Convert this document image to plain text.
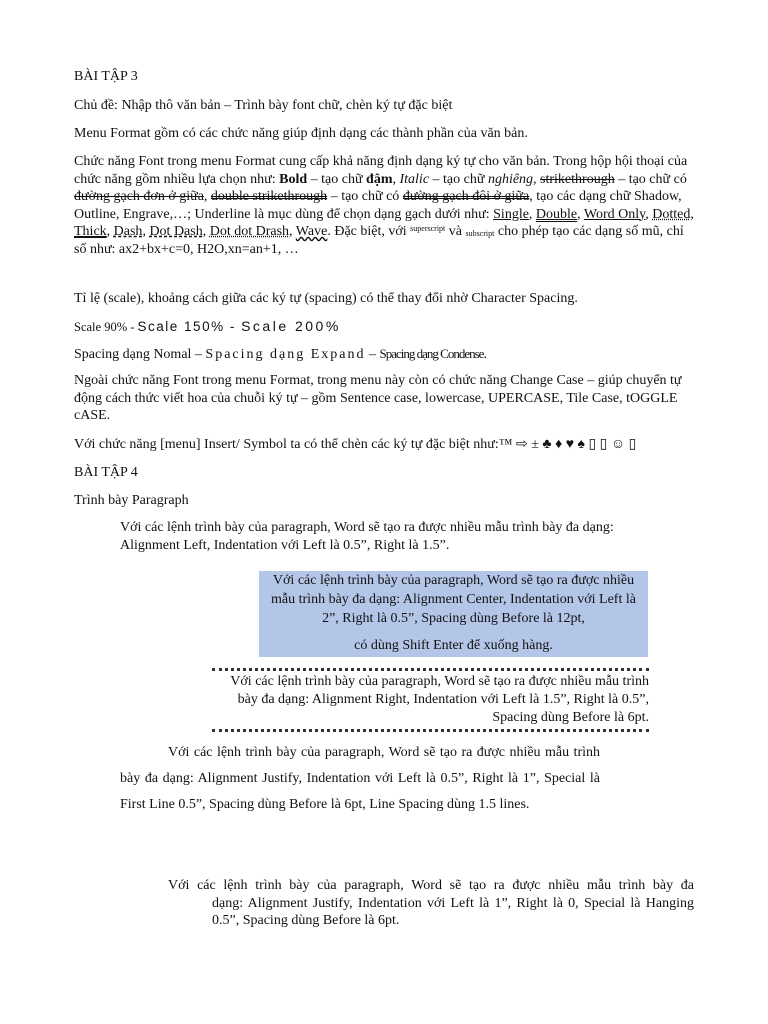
BÀI TẬP 3

Chủ đề: Nhập thô văn bản – Trình bày font chữ, chèn ký tự đặc biệt

Menu Format gồm có các chức năng giúp định dạng các thành phần của văn bản.

Chức năng Font trong menu Format cung cấp khả năng định dạng ký tự cho văn bản. Trong hộp hội thoại của chức năng gồm nhiều lựa chọn như: Bold – tạo chữ đậm, Italic – tạo chữ nghiêng, strikethrough – tạo chữ có đường gạch đơn ở giữa, double strikethrough – tạo chữ có đường gạch đôi ở giữa, tạo các dạng chữ Shadow, Outline, Engrave,…; Underline là mục dùng để chọn dạng gạch dưới như: Single, Double, Word Only, Dotted, Thick, Dash, Dot Dash, Dot dot Drash, Wave. Đặc biệt, với $^{superscript}$ và subscript cho phép tạo các dạng số mũ, chỉ số như: ax2+bx+c=0, H2O,xn=an+1, …

Tỉ lệ (scale), khoảng cách giữa các ký tự (spacing) có thể thay đổi nhờ Character Spacing.

Scale 90% - Scale 150% - Scale 200%

Spacing dạng Nomal – Spacing dạng Expand – Spacing dạng Condense.

Ngoài chức năng Font trong menu Format, trong menu này còn có chức năng Change Case – giúp chuyển tự động cách thức viết hoa của chuỗi ký tự – gồm Sentence case, lowercase, UPERCASE, Tile Case, tOGGLE cASE.

Với chức năng [menu] Insert/ Symbol ta có thể chèn các ký tự đặc biệt như:™ ⇨ ± ♣ ♦ ♥ ♠ ▯ ▯ ☺ ▯

BÀI TẬP 4

Trình bày Paragraph

Với các lệnh trình bày của paragraph, Word sẽ tạo ra được nhiều mẫu trình bày đa dạng: Alignment Left, Indentation với Left là 0.5”, Right là 1.5”.

Với các lệnh trình bày của paragraph, Word sẽ tạo ra được nhiều mẫu trình bày đa dạng: Alignment Center, Indentation với Left là 2”, Right là 0.5”, Spacing dùng Before là 12pt,
có dùng Shift Enter để xuống hàng.
Với các lệnh trình bày của paragraph, Word sẽ tạo ra được nhiều mẫu trình bày đa dạng: Alignment Right, Indentation với Left là 1.5”, Right là 0.5”, Spacing dùng Before là 6pt.

Với các lệnh trình bày của paragraph, Word sẽ tạo ra được nhiều mẫu trình bày đa dạng: Alignment Justify, Indentation với Left là 0.5”, Right là 1”, Special là First Line 0.5”, Spacing dùng Before là 6pt, Line Spacing dùng 1.5 lines.

Với các lệnh trình bày của paragraph, Word sẽ tạo ra được nhiều mẫu trình bày đa
dạng: Alignment Justify, Indentation với Left là 1”, Right là 0, Special là Hanging 0.5”, Spacing dùng Before là 6pt.
